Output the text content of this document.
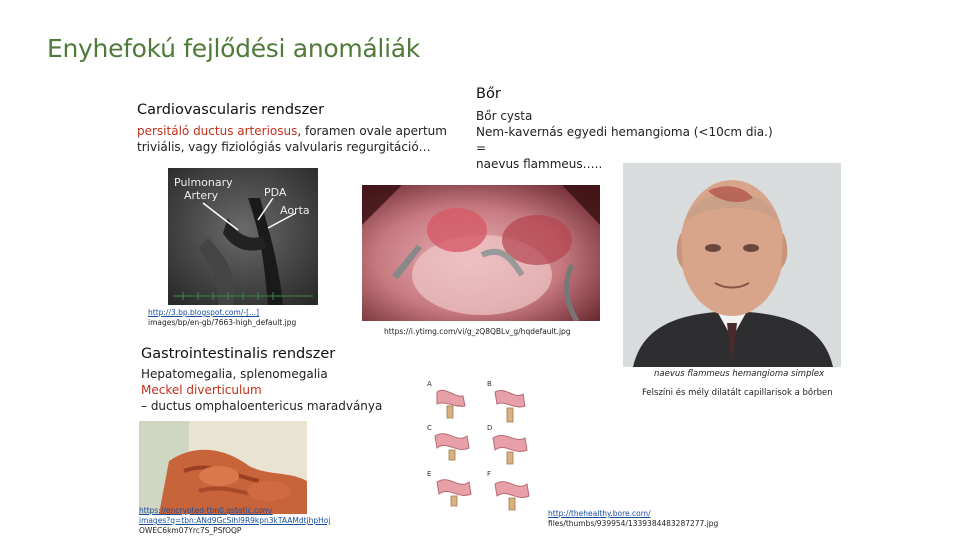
Enyhefokú fejlődési anomáliák
Cardiovascularis rendszer
persitáló ductus arteriosus, foramen ovale apertum
triviális, vagy fiziológiás valvularis regurgitáció…
Pulmonary
Artery	PDA
Aorta
http://3.bp.blogspot.com/-[...]
images/bp/en-gb/7663-high_default.jpg
Bőr
Bőr cysta
Nem-kavernás egyedi hemangioma (<10cm dia.) =
naevus flammeus…..
https://i.ytimg.com/vi/g_zQ8QBLv_g/hqdefault.jpg
naevus flammeus hemangioma simplex
Felszíni és mély dilatált capillarisok a bőrben
Gastrointestinalis rendszer
Hepatomegalia, splenomegalia
Meckel diverticulum
– ductus omphaloentericus maradványa
https://encrypted-tbn0.gstatic.com/
images?q=tbn:ANd9GcSihl9R9kpn3kTAAMdtjhpHoj
OWEC6km07Yrc7S_PSfOQP
A	B
C	D
E	F
http://thehealthy.bore.com/
files/thumbs/939954/1339384483287277.jpg
